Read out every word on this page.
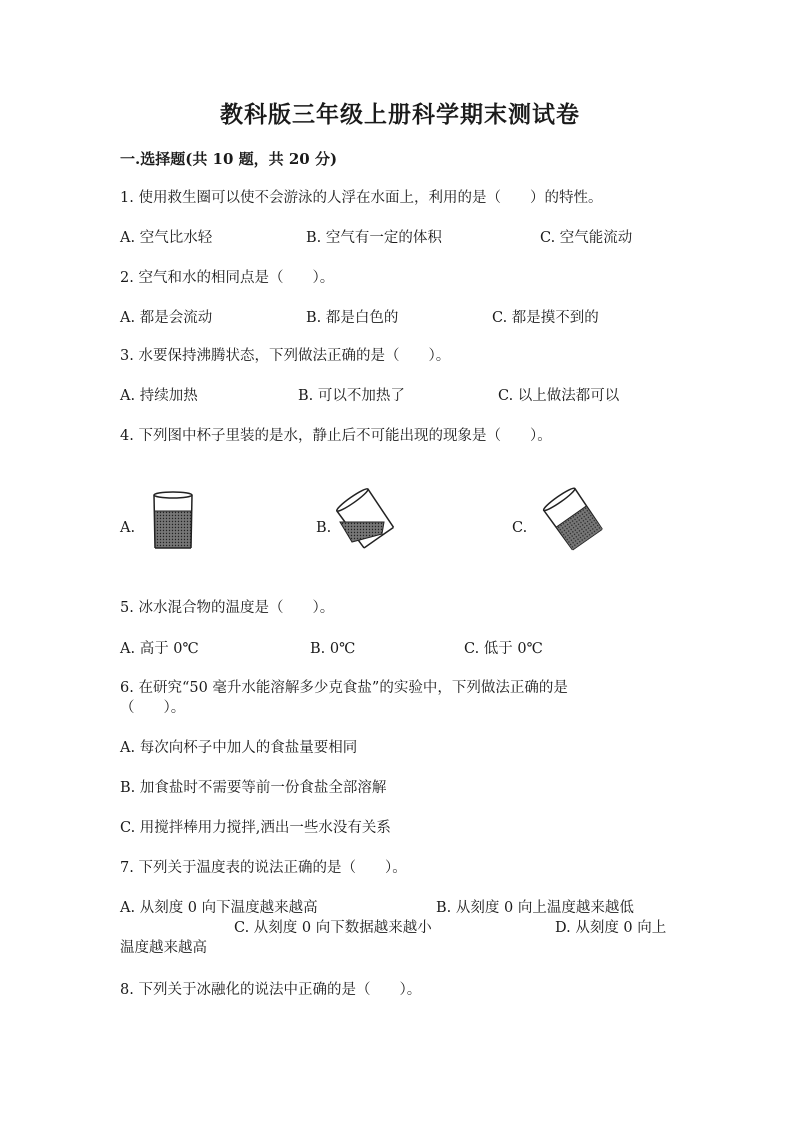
教科版三年级上册科学期末测试卷
一.选择题(共 10 题，共 20 分)
1. 使用救生圈可以使不会游泳的人浮在水面上，利用的是（　　）的特性。
A. 空气比水轻	B. 空气有一定的体积	C. 空气能流动
2. 空气和水的相同点是（　　）。
A. 都是会流动	B. 都是白色的	C. 都是摸不到的
3. 水要保持沸腾状态，下列做法正确的是（　　）。
A. 持续加热	B. 可以不加热了	C. 以上做法都可以
4. 下列图中杯子里装的是水，静止后不可能出现的现象是（　　）。
A.	B.	C.
5. 冰水混合物的温度是（　　）。
A. 高于 0℃	B. 0℃	C. 低于 0℃
6. 在研究“50 毫升水能溶解多少克食盐”的实验中，下列做法正确的是
（　　）。
A. 每次向杯子中加人的食盐量要相同
B. 加食盐时不需要等前一份食盐全部溶解
C. 用搅拌棒用力搅拌,洒出一些水没有关系
7. 下列关于温度表的说法正确的是（　　）。
A. 从刻度 0 向下温度越来越高	B. 从刻度 0 向上温度越来越低
C. 从刻度 0 向下数据越来越小	D. 从刻度 0 向上
温度越来越高
8. 下列关于冰融化的说法中正确的是（　　）。
